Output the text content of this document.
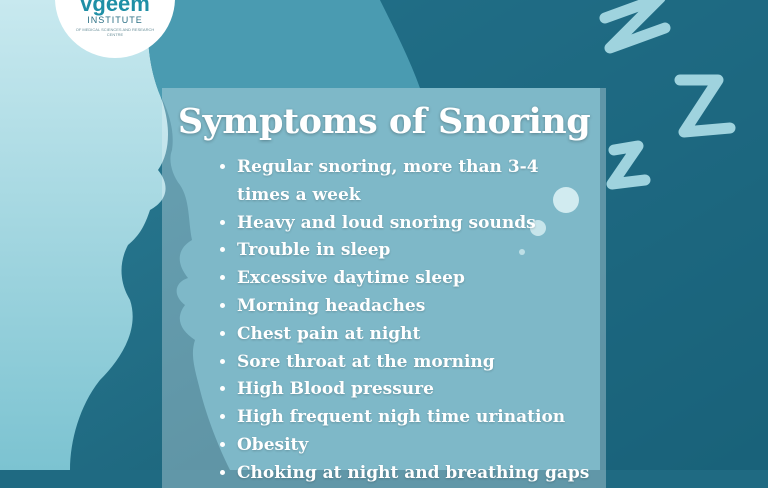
vgeem
INSTITUTE
OF MEDICAL SCIENCES AND RESEARCH CENTRE
Symptoms of Snoring
• Regular snoring, more than 3-4 times a week
• Heavy and loud snoring sounds
• Trouble in sleep
• Excessive daytime sleep
• Morning headaches
• Chest pain at night
• Sore throat at the morning
• High Blood pressure
• High frequent nigh time urination
• Obesity
• Choking at night and breathing gaps
